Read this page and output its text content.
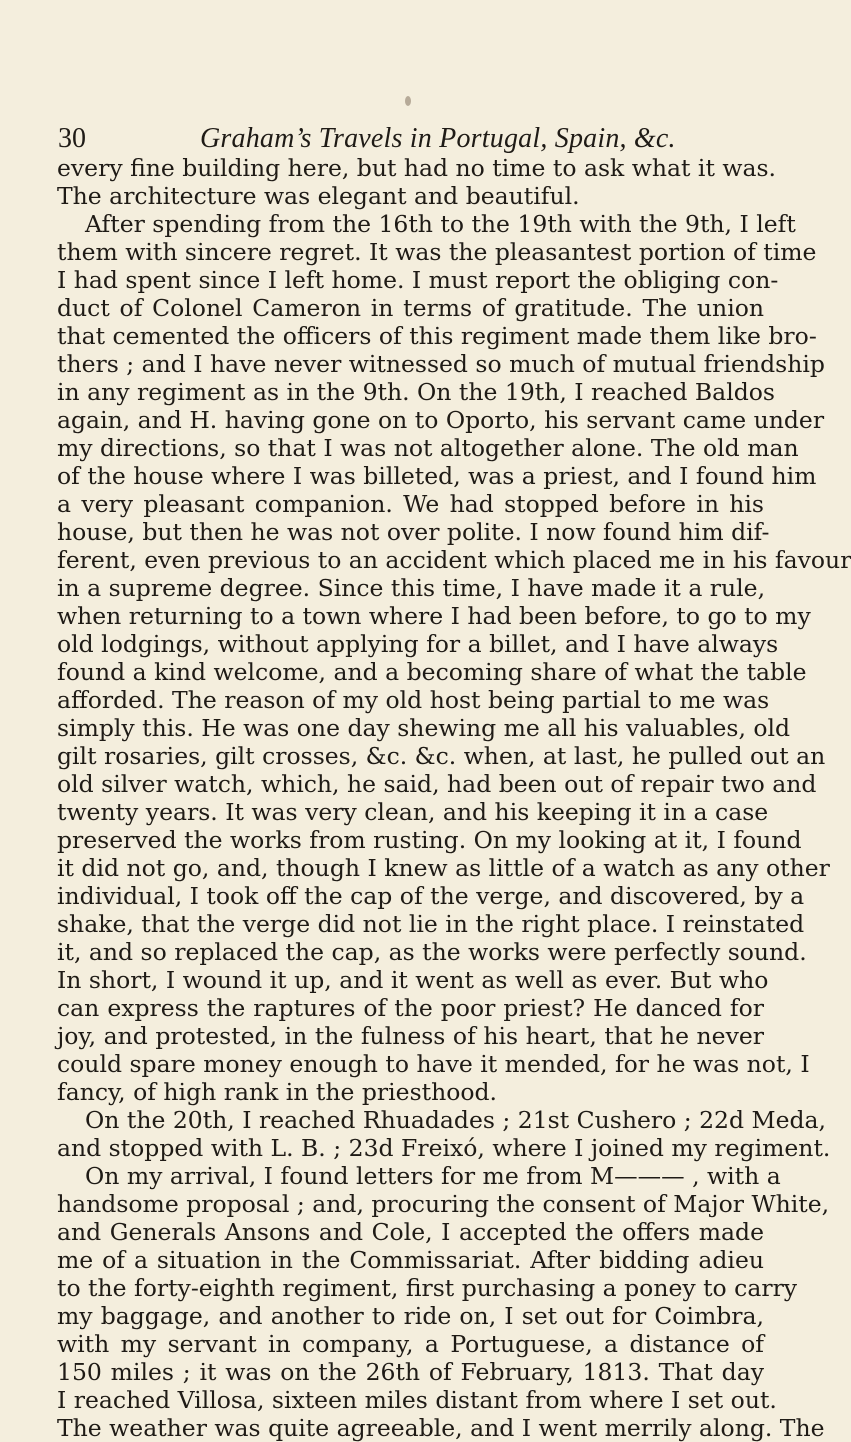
30	Graham’s Travels in Portugal, Spain, &c.
every fine building here, but had no time to ask what it was.
The architecture was elegant and beautiful.
After spending from the 16th to the 19th with the 9th, I left
them with sincere regret. It was the pleasantest portion of time
I had spent since I left home. I must report the obliging con-
duct of Colonel Cameron in terms of gratitude. The union
that cemented the officers of this regiment made them like bro-
thers ; and I have never witnessed so much of mutual friendship
in any regiment as in the 9th. On the 19th, I reached Baldos
again, and H. having gone on to Oporto, his servant came under
my directions, so that I was not altogether alone. The old man
of the house where I was billeted, was a priest, and I found him
a very pleasant companion. We had stopped before in his
house, but then he was not over polite. I now found him dif-
ferent, even previous to an accident which placed me in his favour
in a supreme degree. Since this time, I have made it a rule,
when returning to a town where I had been before, to go to my
old lodgings, without applying for a billet, and I have always
found a kind welcome, and a becoming share of what the table
afforded. The reason of my old host being partial to me was
simply this. He was one day shewing me all his valuables, old
gilt rosaries, gilt crosses, &c. &c. when, at last, he pulled out an
old silver watch, which, he said, had been out of repair two and
twenty years. It was very clean, and his keeping it in a case
preserved the works from rusting. On my looking at it, I found
it did not go, and, though I knew as little of a watch as any other
individual, I took off the cap of the verge, and discovered, by a
shake, that the verge did not lie in the right place. I reinstated
it, and so replaced the cap, as the works were perfectly sound.
In short, I wound it up, and it went as well as ever. But who
can express the raptures of the poor priest? He danced for
joy, and protested, in the fulness of his heart, that he never
could spare money enough to have it mended, for he was not, I
fancy, of high rank in the priesthood.
On the 20th, I reached Rhuadades ; 21st Cushero ; 22d Meda,
and stopped with L. B. ; 23d Freixó, where I joined my regiment.
On my arrival, I found letters for me from M——— , with a
handsome proposal ; and, procuring the consent of Major White,
and Generals Ansons and Cole, I accepted the offers made
me of a situation in the Commissariat. After bidding adieu
to the forty-eighth regiment, first purchasing a poney to carry
my baggage, and another to ride on, I set out for Coimbra,
with my servant in company, a Portuguese, a distance of
150 miles ; it was on the 26th of February, 1813. That day
I reached Villosa, sixteen miles distant from where I set out.
The weather was quite agreeable, and I went merrily along. The
